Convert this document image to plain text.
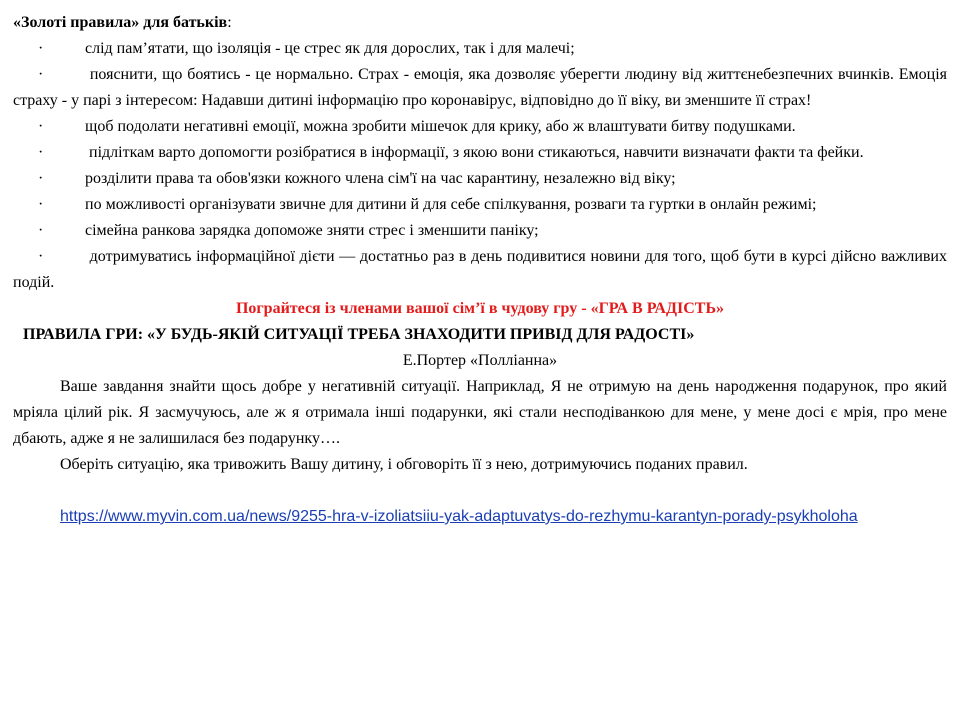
«Золоті правила» для батьків:

·	слід пам’ятати, що ізоляція - це стрес як для дорослих, так і для малечі;

·	пояснити, що боятись - це нормально. Страх - емоція, яка дозволяє уберегти людину від життєнебезпечних вчинків. Емоція страху - у парі з інтересом: Надавши дитині інформацію про коронавірус, відповідно до її віку, ви зменшите її страх!

·	щоб подолати негативні емоції, можна зробити мішечок для крику, або ж влаштувати битву подушками.

·	підліткам варто допомогти розібратися в інформації, з якою вони стикаються, навчити визначати факти та фейки.

·	розділити права та обов'язки кожного члена сім'ї на час карантину, незалежно від віку;

·	по можливості організувати звичне для дитини й для себе спілкування, розваги та гуртки в онлайн режимі;

·	сімейна ранкова зарядка допоможе зняти стрес і зменшити паніку;

·	дотримуватись інформаційної дієти — достатньо раз в день подивитися новини для того, щоб бути в курсі дійсно важливих подій.

Пограйтеся із членами вашої сім’ї в чудову гру - «ГРА В РАДІСТЬ»

ПРАВИЛА ГРИ: «У БУДЬ-ЯКІЙ СИТУАЦІЇ ТРЕБА ЗНАХОДИТИ ПРИВІД ДЛЯ РАДОСТІ»

Е.Портер «Полліанна»

Ваше завдання знайти щось добре у негативній ситуації. Наприклад, Я не отримую на день народження подарунок, про який мріяла цілий рік. Я засмучуюсь, але ж я отримала інші подарунки, які стали несподіванкою для мене, у мене досі є мрія, про мене дбають, адже я не залишилася без подарунку….

Оберіть ситуацію, яка тривожить Вашу дитину, і обговоріть її з нею, дотримуючись поданих правил.

https://www.myvin.com.ua/news/9255-hra-v-izoliatsiiu-yak-adaptuvatys-do-rezhymu-karantyn-porady-psykholoha
